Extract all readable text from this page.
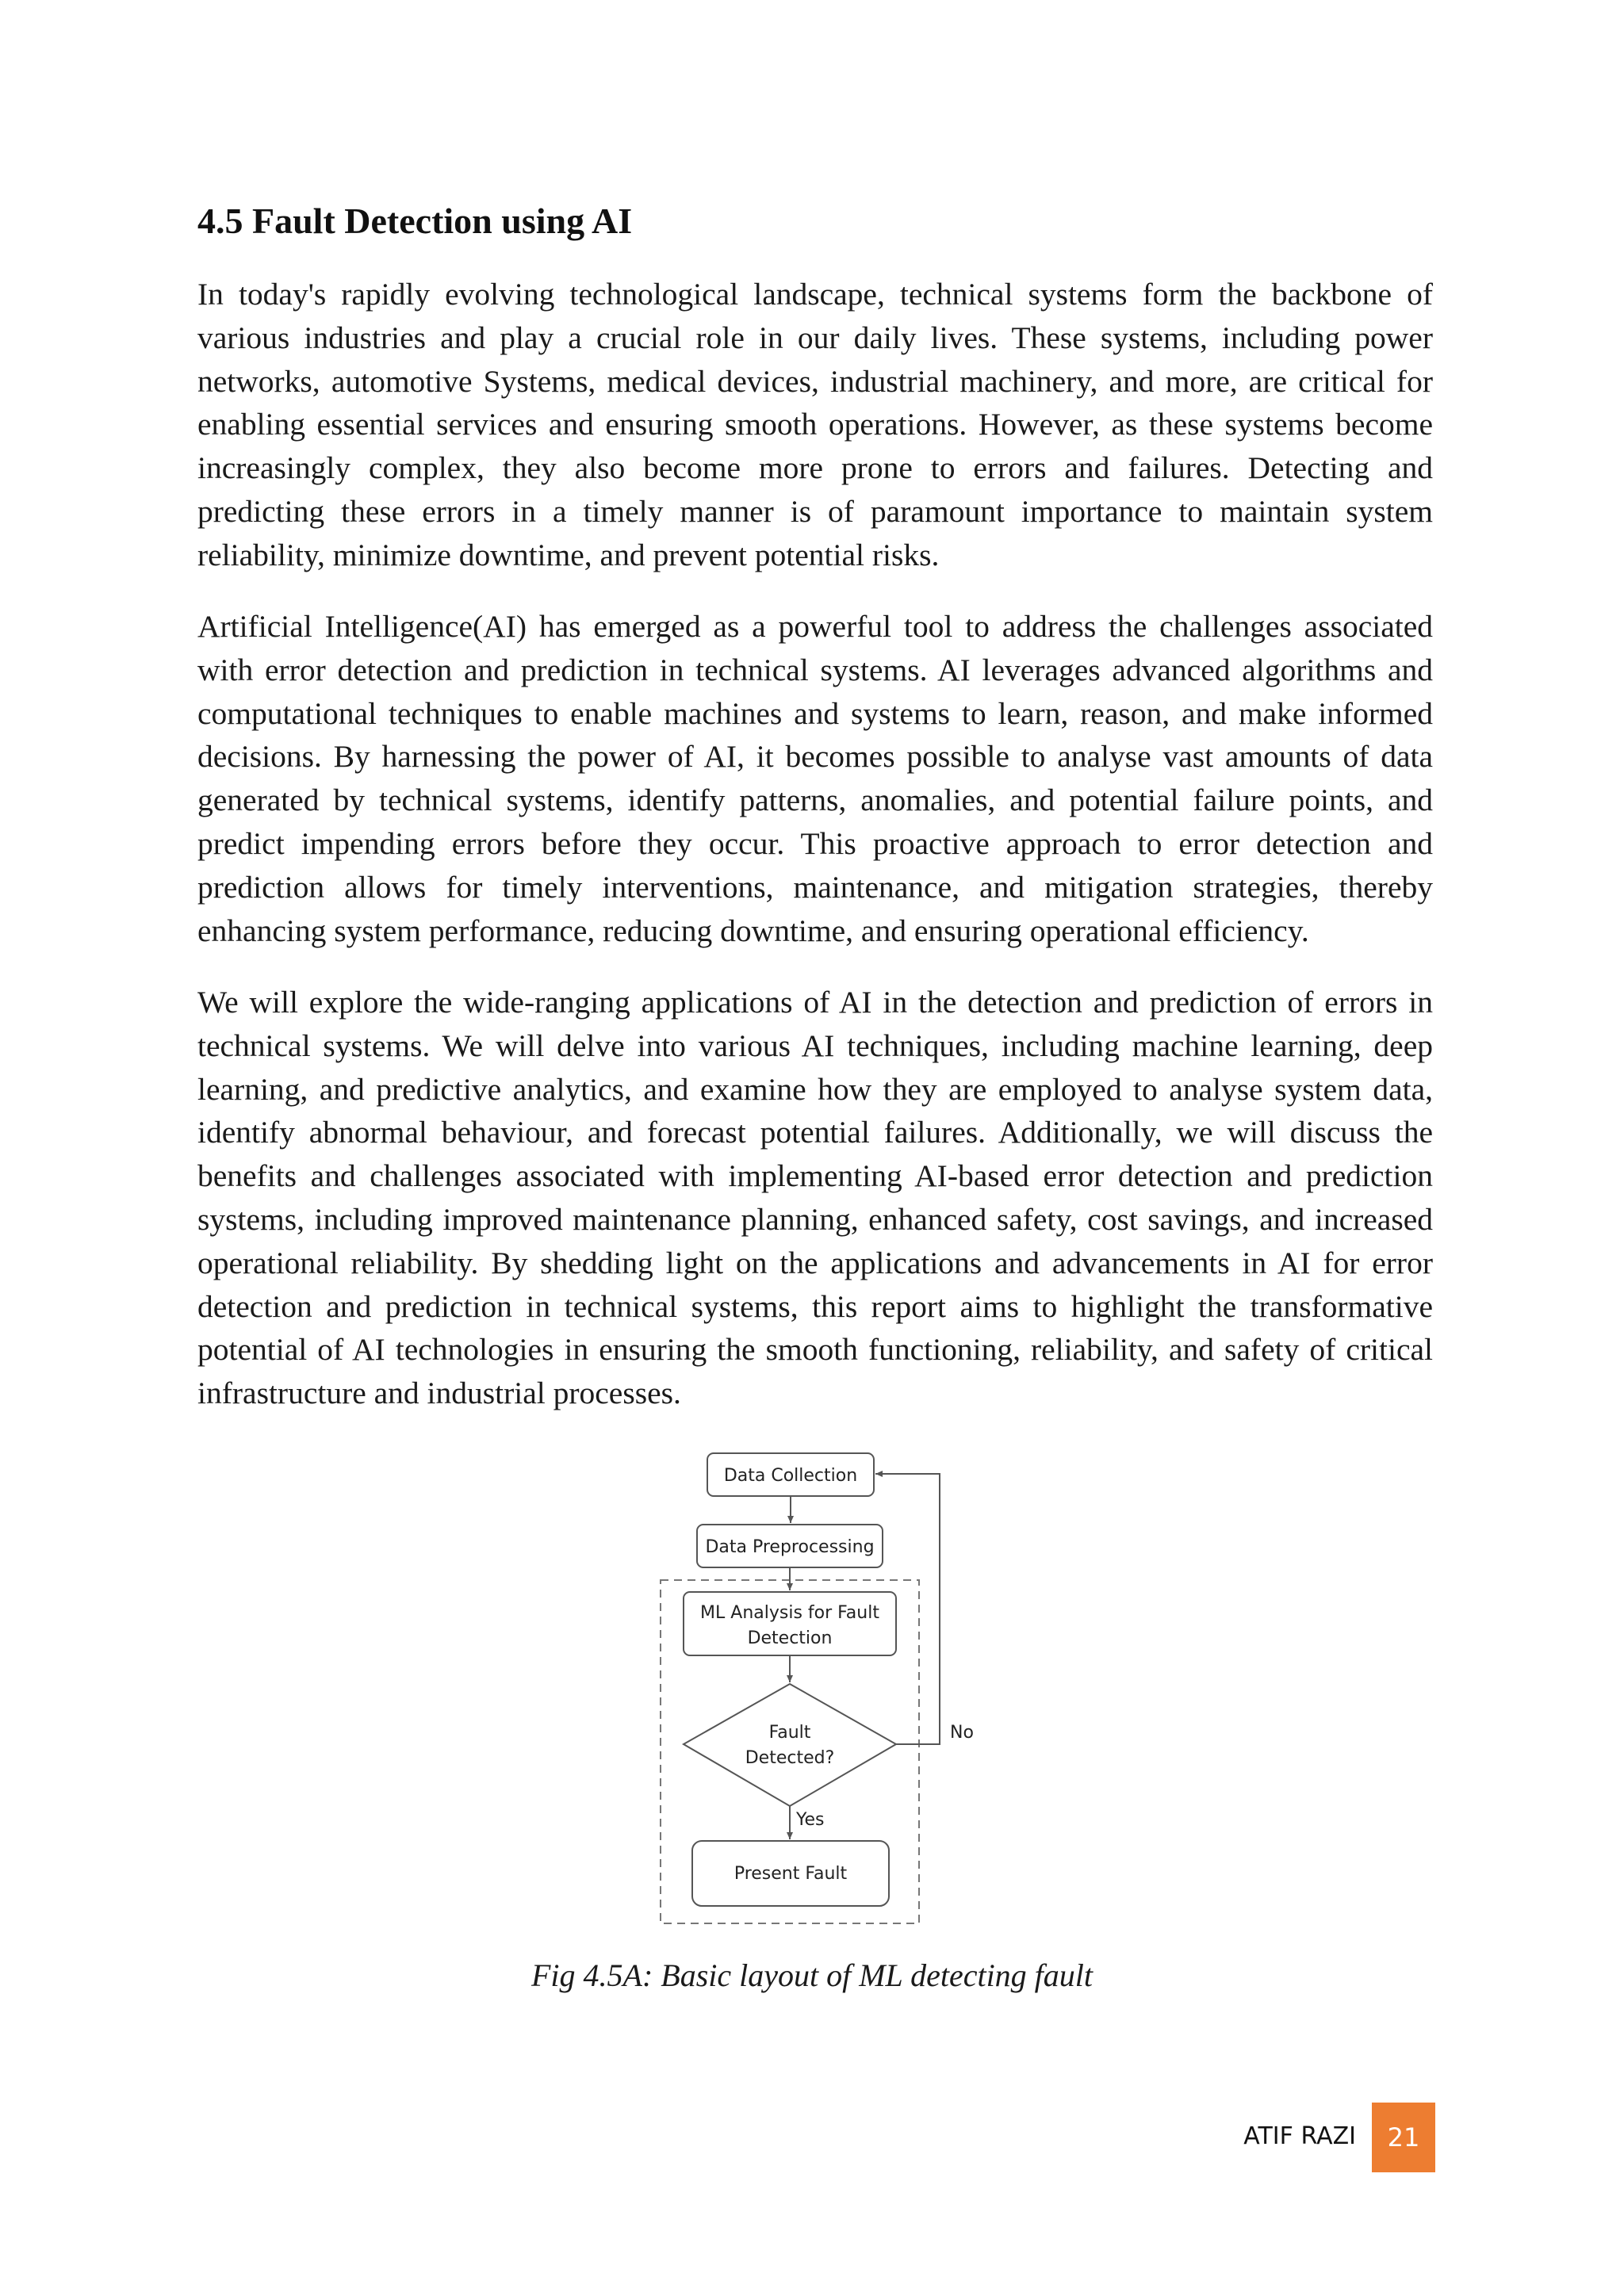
4.5 Fault Detection using AI

In today's rapidly evolving technological landscape, technical systems form the backbone of various industries and play a crucial role in our daily lives. These systems, including power networks, automotive Systems, medical devices, industrial machinery, and more, are critical for enabling essential services and ensuring smooth operations. However, as these systems become increasingly complex, they also become more prone to errors and failures. Detecting and predicting these errors in a timely manner is of paramount importance to maintain system reliability, minimize downtime, and prevent potential risks.

Artificial Intelligence(AI) has emerged as a powerful tool to address the challenges associated with error detection and prediction in technical systems. AI leverages advanced algorithms and computational techniques to enable machines and systems to learn, reason, and make informed decisions. By harnessing the power of AI, it becomes possible to analyse vast amounts of data generated by technical systems, identify patterns, anomalies, and potential failure points, and predict impending errors before they occur. This proactive approach to error detection and prediction allows for timely interventions, maintenance, and mitigation strategies, thereby enhancing system performance, reducing downtime, and ensuring operational efficiency.

We will explore the wide-ranging applications of AI in the detection and prediction of errors in technical systems. We will delve into various AI techniques, including machine learning, deep learning, and predictive analytics, and examine how they are employed to analyse system data, identify abnormal behaviour, and forecast potential failures. Additionally, we will discuss the benefits and challenges associated with implementing AI-based error detection and prediction systems, including improved maintenance planning, enhanced safety, cost savings, and increased operational reliability. By shedding light on the applications and advancements in AI for error detection and prediction in technical systems, this report aims to highlight the transformative potential of AI technologies in ensuring the smooth functioning, reliability, and safety of critical infrastructure and industrial processes.

Data Collection
Data Preprocessing
ML Analysis for Fault
Detection
Fault
Detected?
Present Fault
Yes
No
Fig 4.5A: Basic layout of ML detecting fault
ATIF RAZI	21
